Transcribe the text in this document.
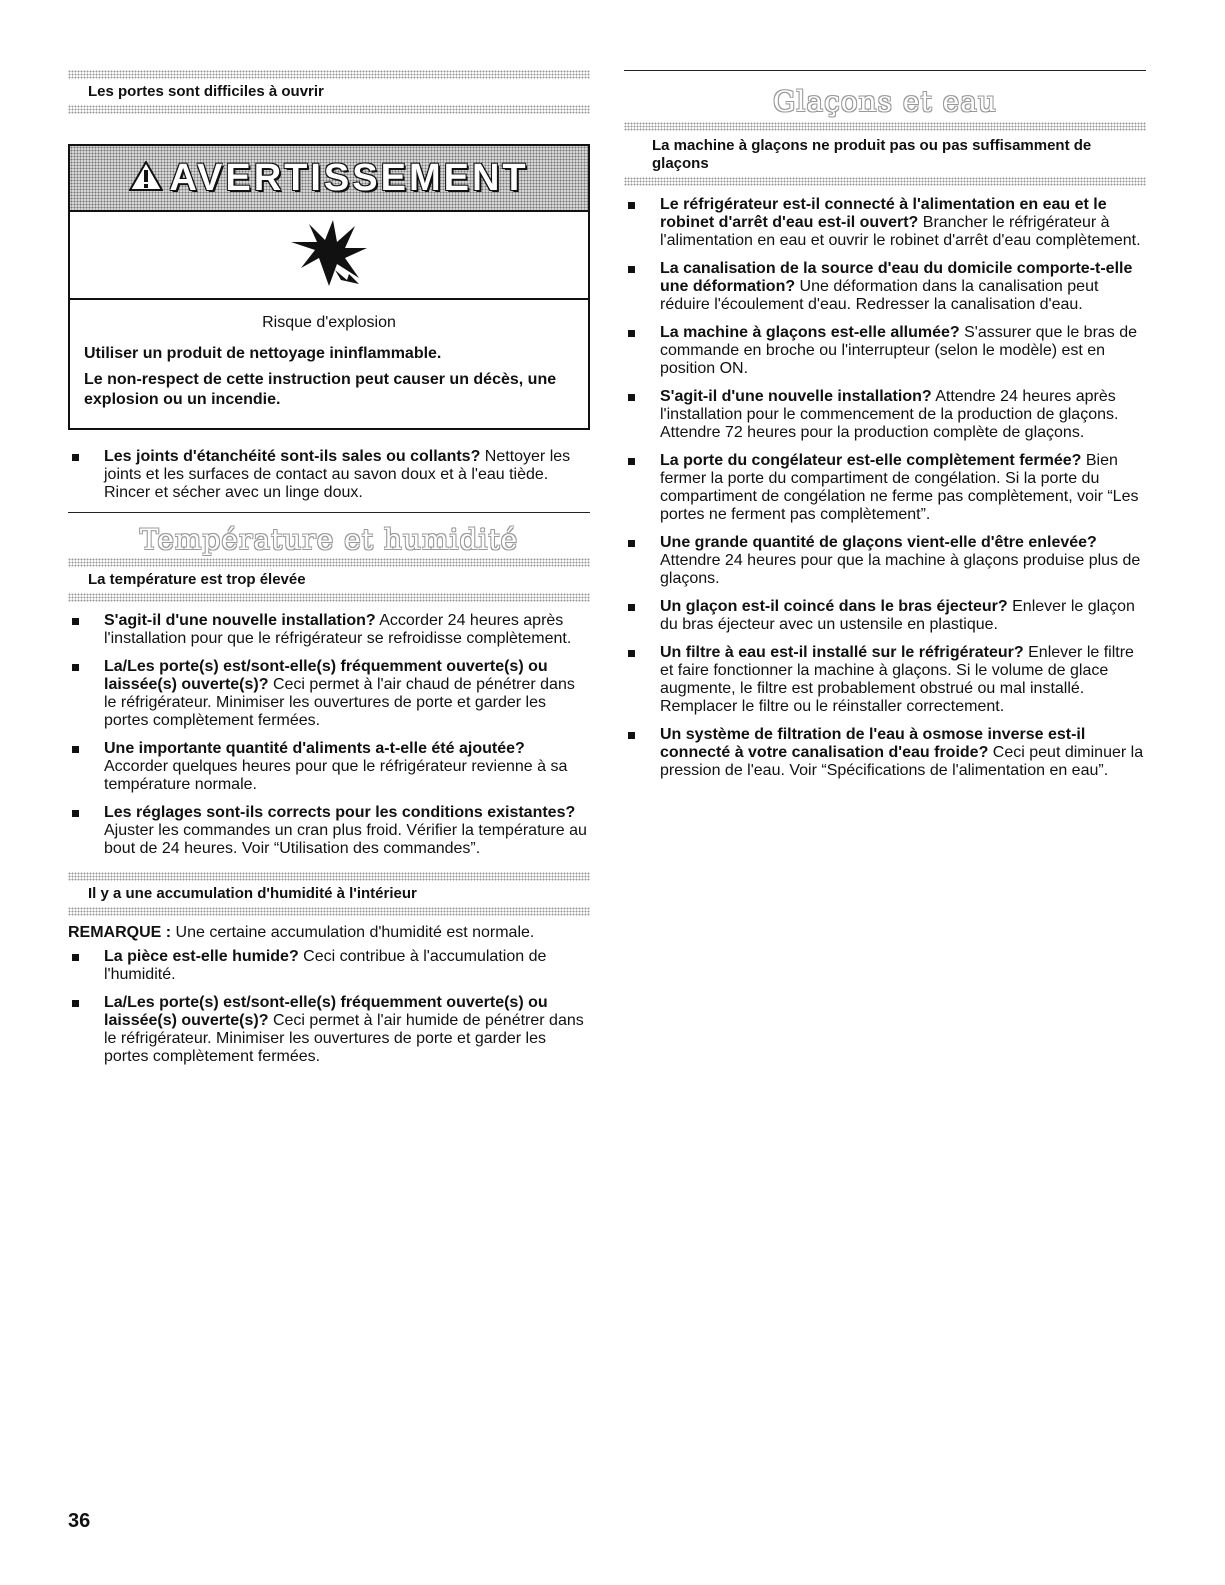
Les portes sont difficiles à ouvrir
AVERTISSEMENT
Risque d'explosion

Utiliser un produit de nettoyage ininflammable.

Le non-respect de cette instruction peut causer un décès, une explosion ou un incendie.

Les joints d'étanchéité sont-ils sales ou collants? Nettoyer les joints et les surfaces de contact au savon doux et à l'eau tiède. Rincer et sécher avec un linge doux.
Température et humidité
La température est trop élevée
S'agit-il d'une nouvelle installation? Accorder 24 heures après l'installation pour que le réfrigérateur se refroidisse complètement.
La/Les porte(s) est/sont-elle(s) fréquemment ouverte(s) ou laissée(s) ouverte(s)? Ceci permet à l'air chaud de pénétrer dans le réfrigérateur. Minimiser les ouvertures de porte et garder les portes complètement fermées.
Une importante quantité d'aliments a-t-elle été ajoutée? Accorder quelques heures pour que le réfrigérateur revienne à sa température normale.
Les réglages sont-ils corrects pour les conditions existantes? Ajuster les commandes un cran plus froid. Vérifier la température au bout de 24 heures. Voir “Utilisation des commandes”.
Il y a une accumulation d'humidité à l'intérieur
REMARQUE : Une certaine accumulation d'humidité est normale.
La pièce est-elle humide? Ceci contribue à l'accumulation de l'humidité.
La/Les porte(s) est/sont-elle(s) fréquemment ouverte(s) ou laissée(s) ouverte(s)? Ceci permet à l'air humide de pénétrer dans le réfrigérateur. Minimiser les ouvertures de porte et garder les portes complètement fermées.
Glaçons et eau
La machine à glaçons ne produit pas ou pas suffisamment de glaçons
Le réfrigérateur est-il connecté à l'alimentation en eau et le robinet d'arrêt d'eau est-il ouvert? Brancher le réfrigérateur à l'alimentation en eau et ouvrir le robinet d'arrêt d'eau complètement.
La canalisation de la source d'eau du domicile comporte-t-elle une déformation? Une déformation dans la canalisation peut réduire l'écoulement d'eau. Redresser la canalisation d'eau.
La machine à glaçons est-elle allumée? S'assurer que le bras de commande en broche ou l'interrupteur (selon le modèle) est en position ON.
S'agit-il d'une nouvelle installation? Attendre 24 heures après l'installation pour le commencement de la production de glaçons. Attendre 72 heures pour la production complète de glaçons.
La porte du congélateur est-elle complètement fermée? Bien fermer la porte du compartiment de congélation. Si la porte du compartiment de congélation ne ferme pas complètement, voir “Les portes ne ferment pas complètement”.
Une grande quantité de glaçons vient-elle d'être enlevée? Attendre 24 heures pour que la machine à glaçons produise plus de glaçons.
Un glaçon est-il coincé dans le bras éjecteur? Enlever le glaçon du bras éjecteur avec un ustensile en plastique.
Un filtre à eau est-il installé sur le réfrigérateur? Enlever le filtre et faire fonctionner la machine à glaçons. Si le volume de glace augmente, le filtre est probablement obstrué ou mal installé. Remplacer le filtre ou le réinstaller correctement.
Un système de filtration de l'eau à osmose inverse est-il connecté à votre canalisation d'eau froide? Ceci peut diminuer la pression de l'eau. Voir “Spécifications de l'alimentation en eau”.
36
